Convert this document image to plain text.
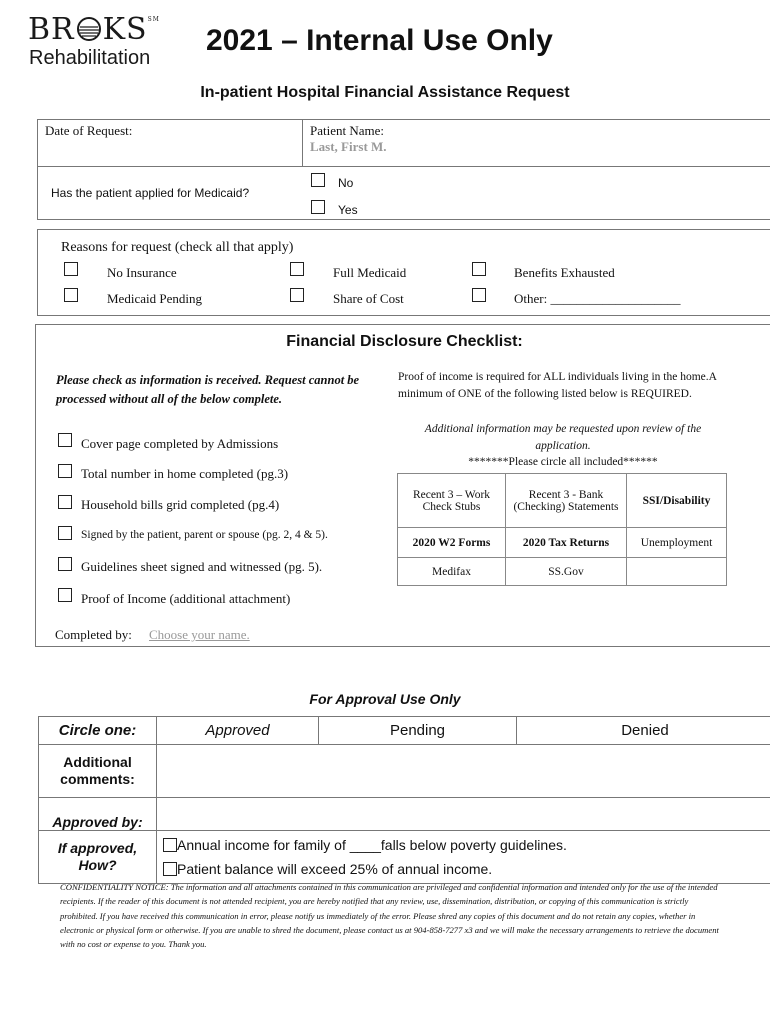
BR KS℠
Rehabilitation
2021 – Internal Use Only
In-patient Hospital Financial Assistance Request
Date of Request:	Patient Name:
Last, First M.
Has the patient applied for Medicaid?
No
Yes
Reasons for request (check all that apply)
No Insurance	Full Medicaid	Benefits Exhausted
Medicaid Pending	Share of Cost	Other: ____________________
Financial Disclosure Checklist:
Please check as information is received. Request cannot be processed without all of the below complete.
Cover page completed by Admissions
Total number in home completed (pg.3)
Household bills grid completed (pg.4)
Signed by the patient, parent or spouse (pg. 2, 4 & 5).
Guidelines sheet signed and witnessed (pg. 5).
Proof of Income (additional attachment)
Completed by: Choose your name.
Proof of income is required for ALL individuals living in the home.A minimum of ONE of the following listed below is REQUIRED.
Additional information may be requested upon review of the application.
*******Please circle all included******
Recent 3 – Work Check Stubs	Recent 3 - Bank (Checking) Statements	SSI/Disability
2020 W2 Forms	2020 Tax Returns	Unemployment
Medifax	SS.Gov	
For Approval Use Only
Circle one:	Approved	Pending	Denied
Additional comments:			
Approved by:			
If approved, How?	Annual income for family of ____falls below poverty guidelines.
Patient balance will exceed 25% of annual income.		
CONFIDENTIALITY NOTICE: The information and all attachments contained in this communication are privileged and confidential information and intended only for the use of the intended recipients. If the reader of this document is not attended recipient, you are hereby notified that any review, use, dissemination, distribution, or copying of this communication is strictly prohibited. If you have received this communication in error, please notify us immediately of the error. Please shred any copies of this document and do not retain any copies, whether in electronic or physical form or otherwise. If you are unable to shred the document, please contact us at 904-858-7277 x3 and we will make the necessary arrangements to retrieve the document with no cost or expense to you. Thank you.
